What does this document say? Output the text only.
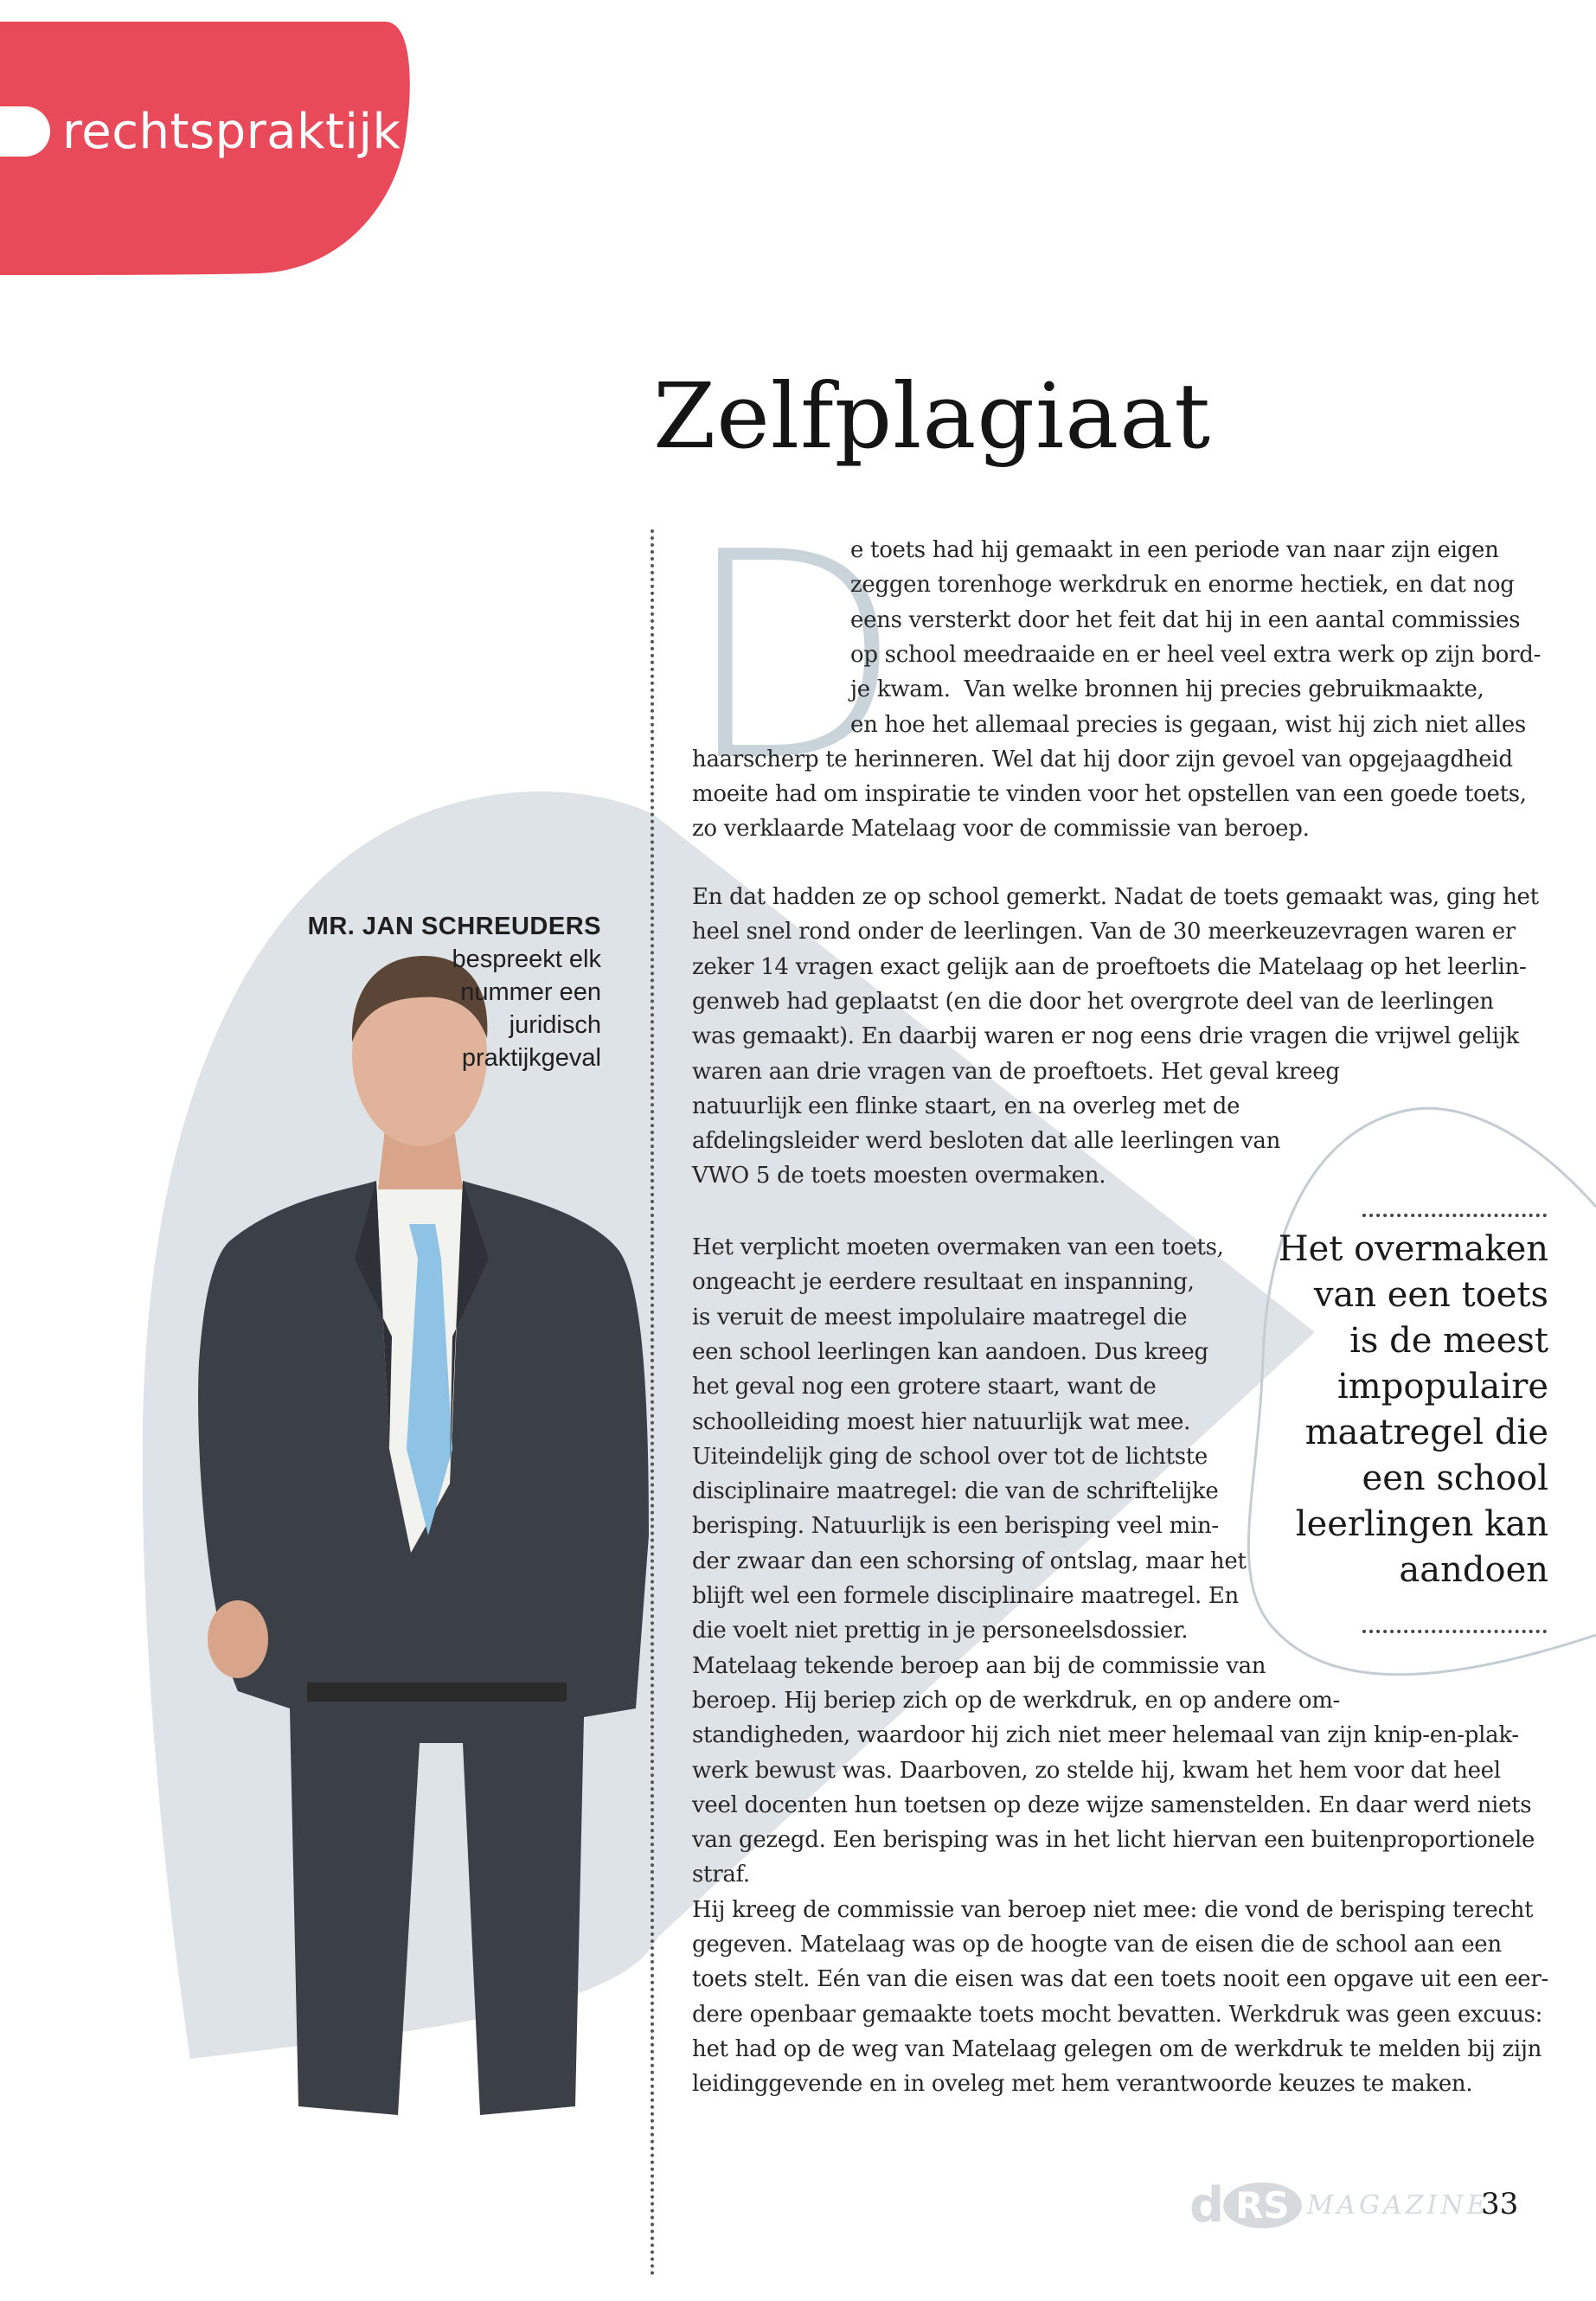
rechtspraktijk
Zelfplagiaat
MR. JAN SCHREUDERS
bespreekt elk
nummer een
juridisch
praktijkgeval
D
e toets had hij gemaakt in een periode van naar zijn eigen
zeggen torenhoge werkdruk en enorme hectiek, en dat nog
eens versterkt door het feit dat hij in een aantal commissies
op school meedraaide en er heel veel extra werk op zijn bord-
je kwam.  Van welke bronnen hij precies gebruikmaakte,
en hoe het allemaal precies is gegaan, wist hij zich niet alles
haarscherp te herinneren. Wel dat hij door zijn gevoel van opgejaagdheid
moeite had om inspiratie te vinden voor het opstellen van een goede toets,
zo verklaarde Matelaag voor de commissie van beroep.
En dat hadden ze op school gemerkt. Nadat de toets gemaakt was, ging het
heel snel rond onder de leerlingen. Van de 30 meerkeuzevragen waren er
zeker 14 vragen exact gelijk aan de proeftoets die Matelaag op het leerlin-
genweb had geplaatst (en die door het overgrote deel van de leerlingen
was gemaakt). En daarbij waren er nog eens drie vragen die vrijwel gelijk
waren aan drie vragen van de proeftoets. Het geval kreeg
natuurlijk een flinke staart, en na overleg met de
afdelingsleider werd besloten dat alle leerlingen van
VWO 5 de toets moesten overmaken.
Het verplicht moeten overmaken van een toets,
ongeacht je eerdere resultaat en inspanning,
is veruit de meest impolulaire maatregel die
een school leerlingen kan aandoen. Dus kreeg
het geval nog een grotere staart, want de
schoolleiding moest hier natuurlijk wat mee.
Uiteindelijk ging de school over tot de lichtste
disciplinaire maatregel: die van de schriftelijke
berisping. Natuurlijk is een berisping veel min-
der zwaar dan een schorsing of ontslag, maar het
blijft wel een formele disciplinaire maatregel. En
die voelt niet prettig in je personeelsdossier.
Matelaag tekende beroep aan bij de commissie van
beroep. Hij beriep zich op de werkdruk, en op andere om-
standigheden, waardoor hij zich niet meer helemaal van zijn knip-en-plak-
werk bewust was. Daarboven, zo stelde hij, kwam het hem voor dat heel
veel docenten hun toetsen op deze wijze samenstelden. En daar werd niets
van gezegd. Een berisping was in het licht hiervan een buitenproportionele
straf.
Hij kreeg de commissie van beroep niet mee: die vond de berisping terecht
gegeven. Matelaag was op de hoogte van de eisen die de school aan een
toets stelt. Eén van die eisen was dat een toets nooit een opgave uit een eer-
dere openbaar gemaakte toets mocht bevatten. Werkdruk was geen excuus:
het had op de weg van Matelaag gelegen om de werkdruk te melden bij zijn
leidinggevende en in oveleg met hem verantwoorde keuzes te maken.
Het overmaken
van een toets
is de meest
impopulaire
maatregel die
een school
leerlingen kan
aandoen
d RS MAGAZINE
33
